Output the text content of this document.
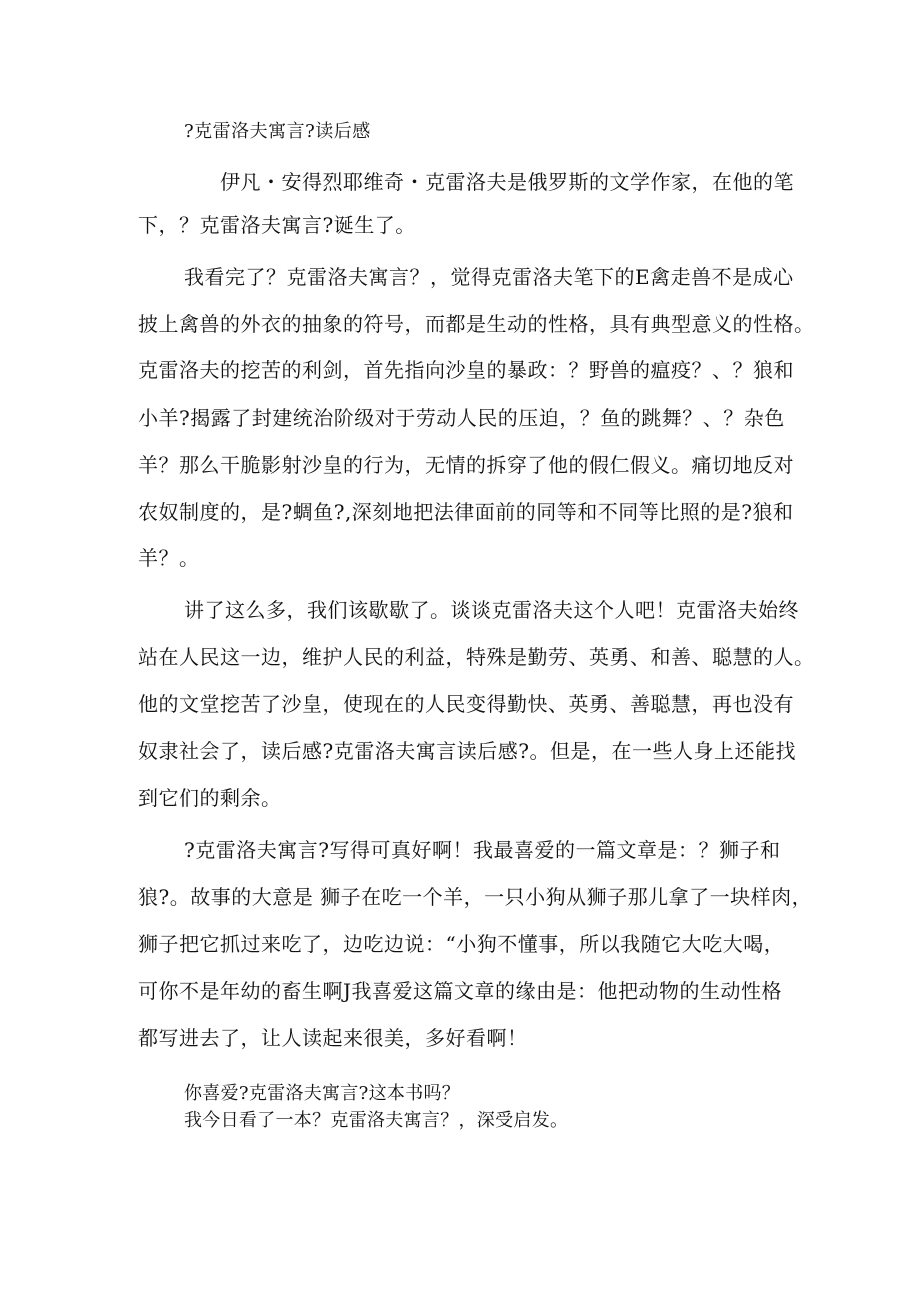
?克雷洛夫寓言?读后感
伊凡・安得烈耶维奇・克雷洛夫是俄罗斯的文学作家，在他的笔
下，？克雷洛夫寓言?诞生了。
我看完了？克雷洛夫寓言？，觉得克雷洛夫笔下的E禽走兽不是成心
披上禽兽的外衣的抽象的符号，而都是生动的性格，具有典型意义的性格。
克雷洛夫的挖苦的利剑，首先指向沙皇的暴政：？野兽的瘟疫？、？狼和
小羊?揭露了封建统治阶级对于劳动人民的压迫，？鱼的跳舞？、？杂色
羊？那么干脆影射沙皇的行为，无情的拆穿了他的假仁假义。痛切地反对
农奴制度的，是?蜩鱼?,深刻地把法律面前的同等和不同等比照的是?狼和
羊？。
讲了这么多，我们该歇歇了。谈谈克雷洛夫这个人吧！克雷洛夫始终
站在人民这一边，维护人民的利益，特殊是勤劳、英勇、和善、聪慧的人。
他的文堂挖苦了沙皇，使现在的人民变得勤快、英勇、善聪慧，再也没有
奴隶社会了，读后感?克雷洛夫寓言读后感?。但是，在一些人身上还能找
到它们的剩余。
?克雷洛夫寓言?写得可真好啊！我最喜爱的一篇文章是：？狮子和
狼?。故事的大意是 狮子在吃一个羊，一只小狗从狮子那儿拿了一块样肉，
狮子把它抓过来吃了，边吃边说：“小狗不懂事，所以我随它大吃大喝，
可你不是年幼的畜生啊J我喜爱这篇文章的缘由是：他把动物的生动性格
都写进去了，让人读起来很美，多好看啊！
你喜爱?克雷洛夫寓言?这本书吗？
我今日看了一本？克雷洛夫寓言？，深受启发。
